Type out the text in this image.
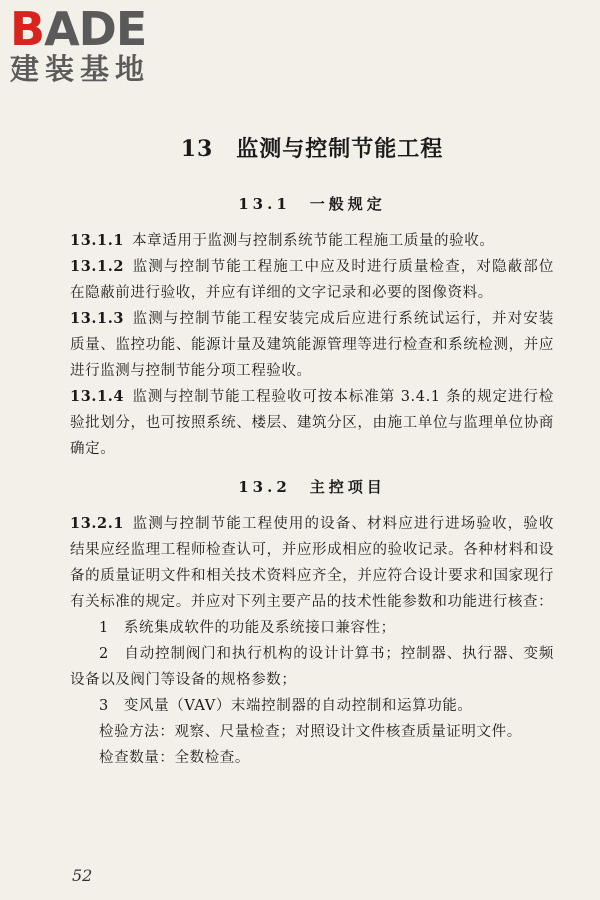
BADE
建装基地
13　监测与控制节能工程
13.1　一般规定

13.1.1 本章适用于监测与控制系统节能工程施工质量的验收。

13.1.2 监测与控制节能工程施工中应及时进行质量检查，对隐蔽部位在隐蔽前进行验收，并应有详细的文字记录和必要的图像资料。

13.1.3 监测与控制节能工程安装完成后应进行系统试运行，并对安装质量、监控功能、能源计量及建筑能源管理等进行检查和系统检测，并应进行监测与控制节能分项工程验收。

13.1.4 监测与控制节能工程验收可按本标准第 3.4.1 条的规定进行检验批划分，也可按照系统、楼层、建筑分区，由施工单位与监理单位协商确定。

13.2　主控项目

13.2.1 监测与控制节能工程使用的设备、材料应进行进场验收，验收结果应经监理工程师检查认可，并应形成相应的验收记录。各种材料和设备的质量证明文件和相关技术资料应齐全，并应符合设计要求和国家现行有关标准的规定。并应对下列主要产品的技术性能参数和功能进行核查：

1　系统集成软件的功能及系统接口兼容性；

2　自动控制阀门和执行机构的设计计算书；控制器、执行器、变频设备以及阀门等设备的规格参数；

3　变风量（VAV）末端控制器的自动控制和运算功能。

检验方法：观察、尺量检查；对照设计文件核查质量证明文件。

检查数量：全数检查。

52
